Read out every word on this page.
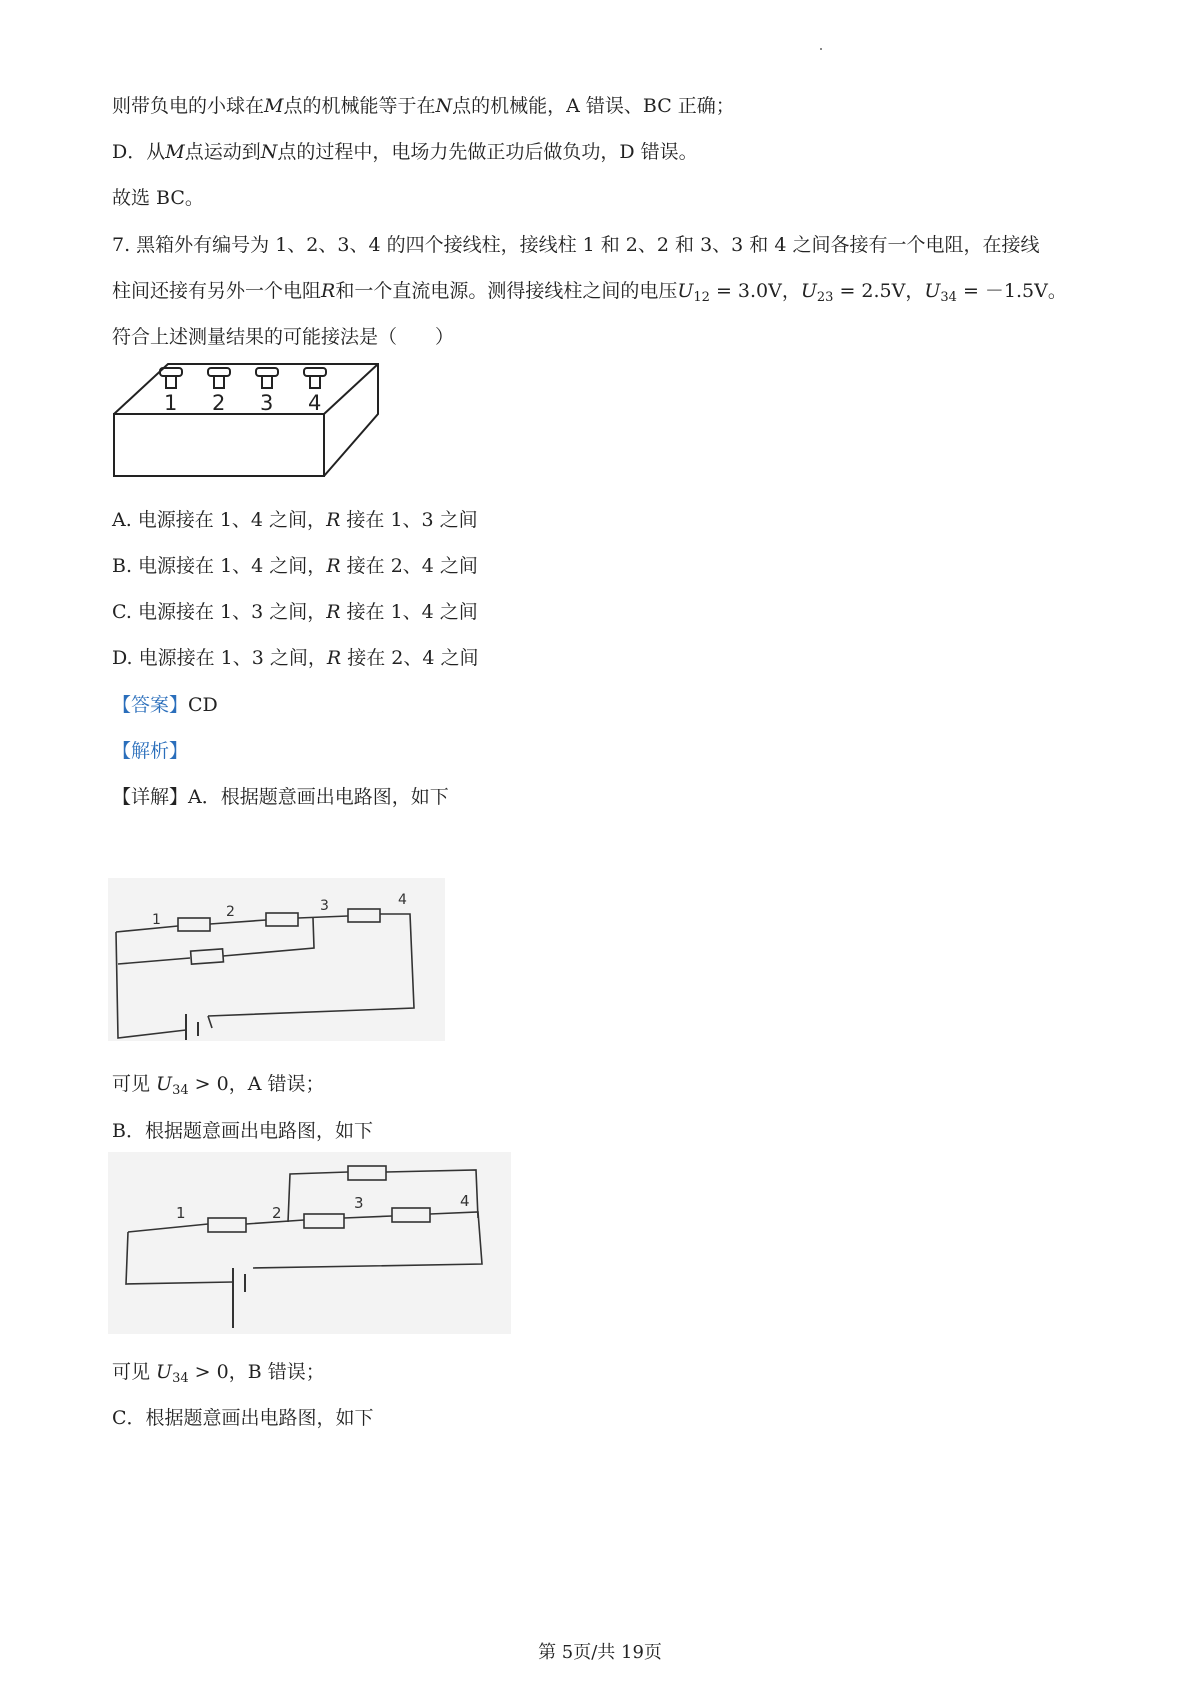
则带负电的小球在M点的机械能等于在N点的机械能，A 错误、BC 正确；
D．从M点运动到N点的过程中，电场力先做正功后做负功，D 错误。
故选 BC。
7. 黑箱外有编号为 1、2、3、4 的四个接线柱，接线柱 1 和 2、2 和 3、3 和 4 之间各接有一个电阻，在接线
柱间还接有另外一个电阻R和一个直流电源。测得接线柱之间的电压$U_{12} = 3.0V$，$U_{23} = 2.5V$，$U_{34} = -1.5V$。
符合上述测量结果的可能接法是（　　）
1 2 3 4
A. 电源接在 1、4 之间，R 接在 1、3 之间
B. 电源接在 1、4 之间，R 接在 2、4 之间
C. 电源接在 1、3 之间，R 接在 1、4 之间
D. 电源接在 1、3 之间，R 接在 2、4 之间
【答案】CD
【解析】
【详解】A．根据题意画出电路图，如下
1	2	3	4
可见 $U_{34} > 0$，A 错误；
B．根据题意画出电路图，如下
1	2
3	4
可见 $U_{34} > 0$，B 错误；
C．根据题意画出电路图，如下
第 5页/共 19页
